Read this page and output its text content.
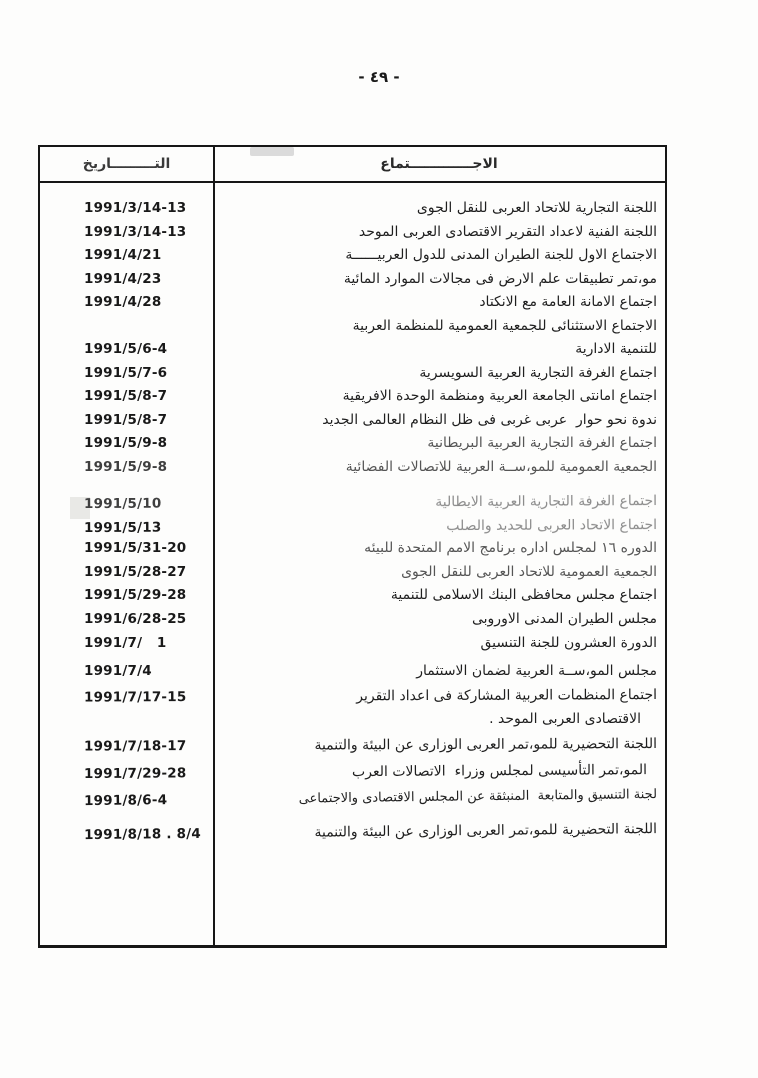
- ٤٩ -
الاجـــــــــــــتماع
التـــــــــاريخ
اللجنة التجارية للاتحاد العربى للنقل الجوى
1991/3/14-13
اللجنة الفنية لاعداد التقرير الاقتصادى العربى الموحد
1991/3/14-13
الاجتماع الاول للجنة الطيران المدنى للدول العربيــــــة
1991/4/21
مو،تمر تطبيقات علم الارض فى مجالات الموارد المائية
1991/4/23
اجتماع الامانة العامة مع الانكتاد
1991/4/28
الاجتماع الاستثنائى للجمعية العمومية للمنظمة العربية
للتنمية الادارية
1991/5/6-4
اجتماع الغرفة التجارية العربية السويسرية
1991/5/7-6
اجتماع امانتى الجامعة العربية ومنظمة الوحدة الافريقية
1991/5/8-7
ندوة نحو حوار  عربى غربى فى ظل النظام العالمى الجديد
1991/5/8-7
اجتماع الغرفة التجارية العربية البريطانية
1991/5/9-8
الجمعية العمومية للمو،ســة العربية للاتصالات الفضائية
1991/5/9-8
اجتماع الغرفة التجارية العربية الايطالية
1991/5/10
اجتماع الاتحاد العربى للحديد والصلب
1991/5/13
الدوره ١٦ لمجلس اداره برنامج الامم المتحدة للبيئه
1991/5/31-20
الجمعية العمومية للاتحاد العربى للنقل الجوى
1991/5/28-27
اجتماع مجلس محافظى البنك الاسلامى للتنمية
1991/5/29-28
مجلس الطيران المدنى الاوروبى
1991/6/28-25
الدورة العشرون للجنة التنسيق
1991/7/   1
مجلس المو،ســة العربية لضمان الاستثمار
1991/7/4
اجتماع المنظمات العربية المشاركة فى اعداد التقرير
1991/7/17-15
الاقتصادى العربى الموحد .
اللجنة التحضيرية للمو،تمر العربى الوزارى عن البيئة والتنمية
1991/7/18-17
المو،تمر التأسيسى لمجلس وزراء  الاتصالات العرب
1991/7/29-28
لجنة التنسيق والمتابعة  المنبثقة عن المجلس الاقتصادى والاجتماعى
1991/8/6-4
اللجنة التحضيرية للمو،تمر العربى الوزارى عن البيئة والتنمية
1991/8/18 . 8/4
